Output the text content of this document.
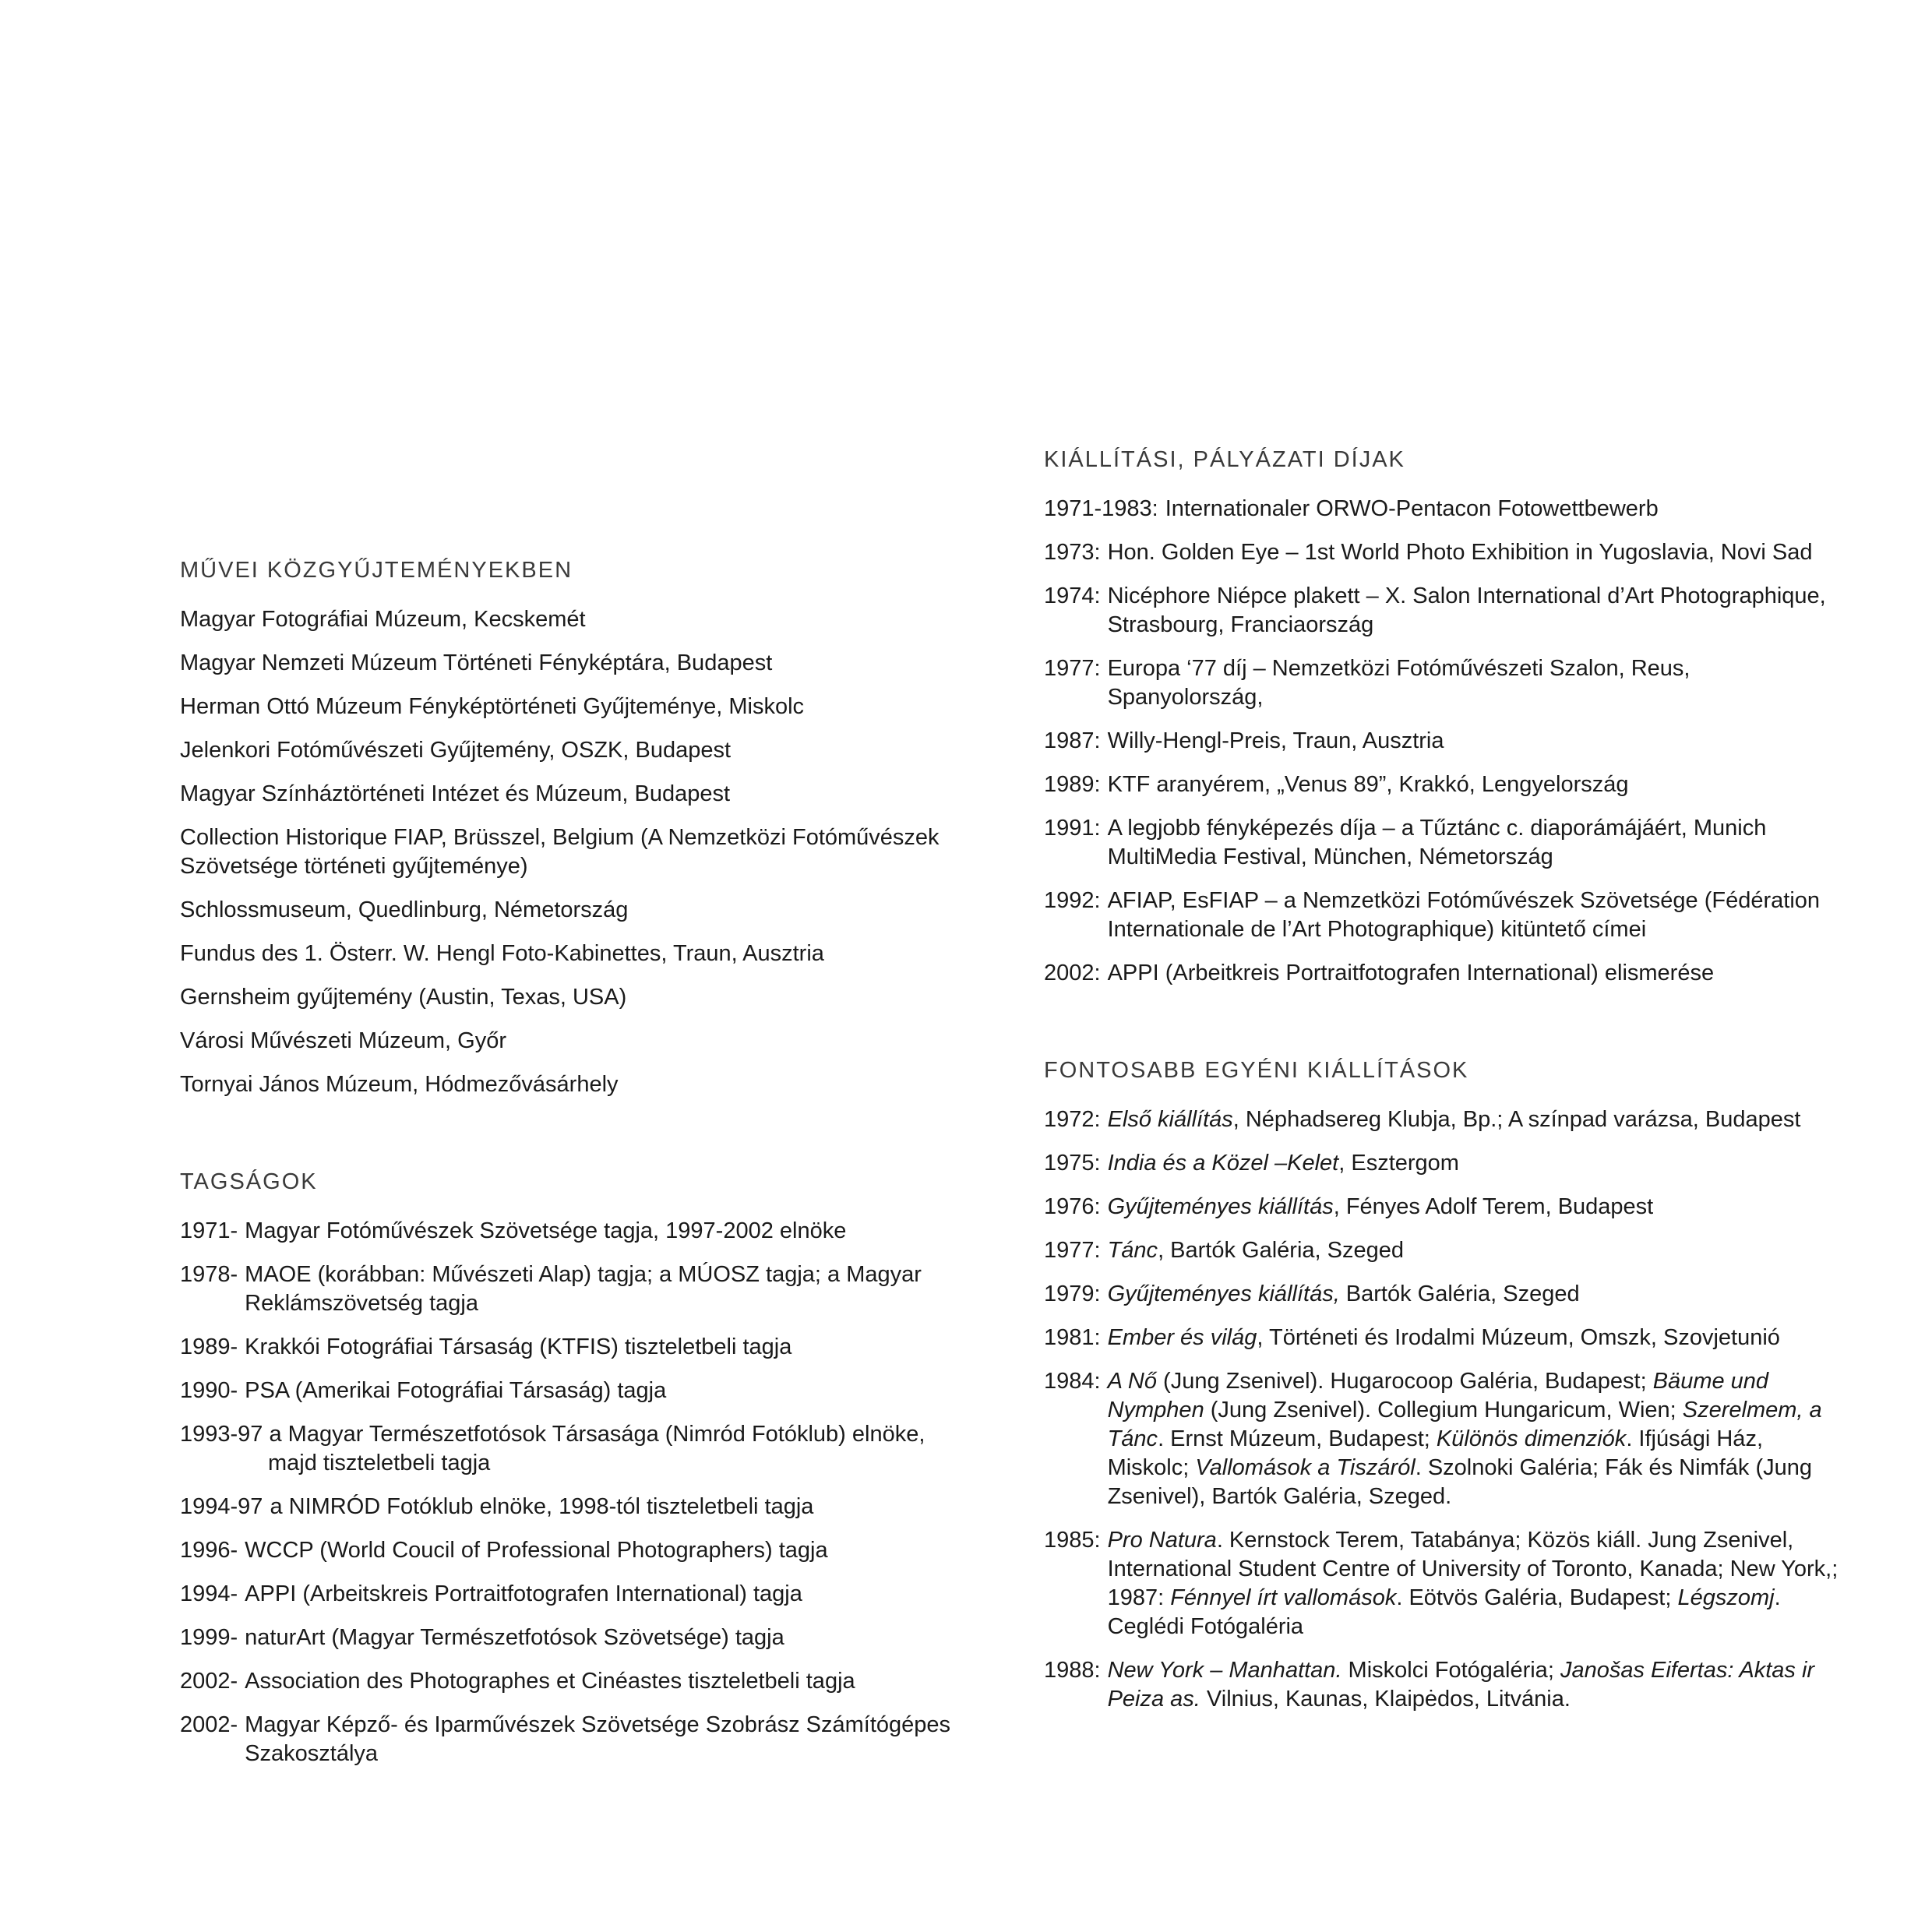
MŰVEI KÖZGYŰJTEMÉNYEKBEN
Magyar Fotográfiai Múzeum, Kecskemét
Magyar Nemzeti Múzeum Történeti Fényképtára, Budapest
Herman Ottó Múzeum Fényképtörténeti Gyűjteménye, Miskolc
Jelenkori Fotóművészeti Gyűjtemény, OSZK, Budapest
Magyar Színháztörténeti Intézet és Múzeum, Budapest
Collection Historique FIAP, Brüsszel, Belgium (A Nemzetközi Fotóművészek Szövetsége történeti gyűjteménye)
Schlossmuseum, Quedlinburg, Németország
Fundus des 1. Österr. W. Hengl Foto-Kabinettes, Traun, Ausztria
Gernsheim gyűjtemény (Austin, Texas, USA)
Városi Művészeti Múzeum, Győr
Tornyai János Múzeum, Hódmezővásárhely
TAGSÁGOK
1971- Magyar Fotóművészek Szövetsége tagja, 1997-2002 elnöke
1978- MAOE (korábban: Művészeti Alap) tagja; a MÚOSZ tagja; a Magyar Reklámszövetség tagja
1989- Krakkói Fotográfiai Társaság (KTFIS) tiszteletbeli tagja
1990- PSA (Amerikai Fotográfiai Társaság) tagja
1993-97 a Magyar Természetfotósok Társasága (Nimród Fotóklub) elnöke, majd tiszteletbeli tagja
1994-97 a NIMRÓD Fotóklub elnöke, 1998-tól tiszteletbeli tagja
1996- WCCP (World Coucil of Professional Photographers) tagja
1994- APPI (Arbeitskreis Portraitfotografen International) tagja
1999- naturArt (Magyar Természetfotósok Szövetsége) tagja
2002- Association des Photographes et Cinéastes tiszteletbeli tagja
2002- Magyar Képző- és Iparművészek Szövetsége Szobrász Számítógépes Szakosztálya
KIÁLLÍTÁSI, PÁLYÁZATI DÍJAK
1971-1983: Internationaler ORWO-Pentacon Fotowettbewerb
1973: Hon. Golden Eye – 1st World Photo Exhibition in Yugoslavia, Novi Sad
1974: Nicéphore Niépce plakett – X. Salon International d’Art Photographique, Strasbourg, Franciaország
1977: Europa ‘77 díj – Nemzetközi Fotóművészeti Szalon, Reus, Spanyolország,
1987: Willy-Hengl-Preis, Traun, Ausztria
1989: KTF aranyérem, „Venus 89”, Krakkó, Lengyelország
1991: A legjobb fényképezés díja – a Tűztánc c. diaporámájáért, Munich MultiMedia Festival, München, Németország
1992: AFIAP, EsFIAP – a Nemzetközi Fotóművészek Szövetsége (Fédération Internationale de l’Art Photographique) kitüntető címei
2002: APPI (Arbeitkreis Portraitfotografen International) elismerése
FONTOSABB EGYÉNI KIÁLLÍTÁSOK
1972: Első kiállítás, Néphadsereg Klubja, Bp.; A színpad varázsa, Budapest
1975: India és a Közel –Kelet, Esztergom
1976: Gyűjteményes kiállítás, Fényes Adolf Terem, Budapest
1977: Tánc, Bartók Galéria, Szeged
1979: Gyűjteményes kiállítás, Bartók Galéria, Szeged
1981: Ember és világ, Történeti és Irodalmi Múzeum, Omszk, Szovjetunió
1984: A Nő (Jung Zsenivel). Hugarocoop Galéria, Budapest; Bäume und Nymphen (Jung Zsenivel). Collegium Hungaricum, Wien; Szerelmem, a Tánc. Ernst Múzeum, Budapest; Különös dimenziók. Ifjúsági Ház, Miskolc; Vallomások a Tiszáról. Szolnoki Galéria; Fák és Nimfák (Jung Zsenivel), Bartók Galéria, Szeged.
1985: Pro Natura. Kernstock Terem, Tatabánya; Közös kiáll. Jung Zsenivel, International Student Centre of University of Toronto, Kanada; New York,; 1987: Fénnyel írt vallomások. Eötvös Galéria, Budapest; Légszomj. Ceglédi Fotógaléria
1988: New York – Manhattan. Miskolci Fotógaléria; Janošas Eifertas: Aktas ir Peiza as. Vilnius, Kaunas, Klaipėdos, Litvánia.
